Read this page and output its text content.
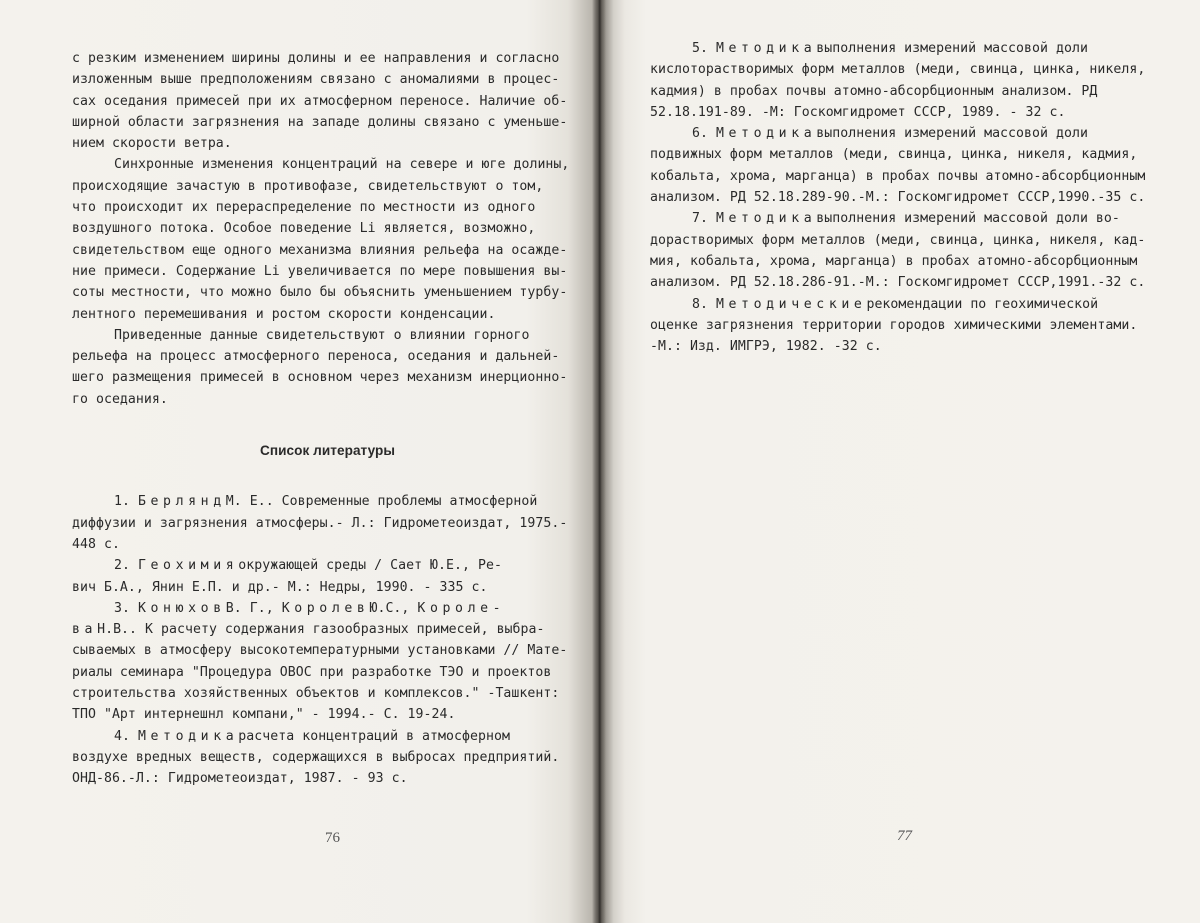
с резким изменением ширины долины и ее направления и согласно
изложенным выше предположениям связано с аномалиями в процес-
сах оседания примесей при их атмосферном переносе. Наличие об-
ширной области загрязнения на западе долины связано с уменьше-
нием скорости ветра.
Синхронные изменения концентраций на севере и юге долины,
происходящие зачастую в противофазе, свидетельствуют о том,
что происходит их перераспределение по местности из одного
воздушного потока. Особое поведение Li является, возможно,
свидетельством еще одного механизма влияния рельефа на осажде-
ние примеси. Содержание Li увеличивается по мере повышения вы-
соты местности, что можно было бы объяснить уменьшением турбу-
лентного перемешивания и ростом скорости конденсации.
Приведенные данные свидетельствуют о влиянии горного
рельефа на процесс атмосферного переноса, оседания и дальней-
шего размещения примесей в основном через механизм инерционно-
го оседания.
Список литературы
1. БерляндМ. Е.. Современные проблемы атмосферной
диффузии и загрязнения атмосферы.- Л.: Гидрометеоиздат, 1975.-
448 с.
2. Геохимияокружающей среды / Сает Ю.Е., Ре-
вич Б.А., Янин Е.П. и др.- М.: Недры, 1990. - 335 с.
3. КонюховВ. Г., КоролевЮ.С., Короле-
ваН.В.. К расчету содержания газообразных примесей, выбра-
сываемых в атмосферу высокотемпературными установками // Мате-
риалы семинара "Процедура ОВОС при разработке ТЭО и проектов
строительства хозяйственных объектов и комплексов." -Ташкент:
ТПО "Арт интернешнл компани," - 1994.- С. 19-24.
4. Методикарасчета концентраций в атмосферном
воздухе вредных веществ, содержащихся в выбросах предприятий.
ОНД-86.-Л.: Гидрометеоиздат, 1987. - 93 с.
76
5. Методикавыполнения измерений массовой доли
кислоторастворимых форм металлов (меди, свинца, цинка, никеля,
кадмия) в пробах почвы атомно-абсорбционным анализом. РД
52.18.191-89. -М: Госкомгидромет СССР, 1989. - 32 с.
6. Методикавыполнения измерений массовой доли
подвижных форм металлов (меди, свинца, цинка, никеля, кадмия,
кобальта, хрома, марганца) в пробах почвы атомно-абсорбционным
анализом. РД 52.18.289-90.-М.: Госкомгидромет СССР,1990.-35 с.
7. Методикавыполнения измерений массовой доли во-
дорастворимых форм металлов (меди, свинца, цинка, никеля, кад-
мия, кобальта, хрома, марганца) в пробах атомно-абсорбционным
анализом. РД 52.18.286-91.-М.: Госкомгидромет СССР,1991.-32 с.
8. Методическиерекомендации по геохимической
оценке загрязнения территории городов химическими элементами.
-М.: Изд. ИМГРЭ, 1982. -32 с.
77
